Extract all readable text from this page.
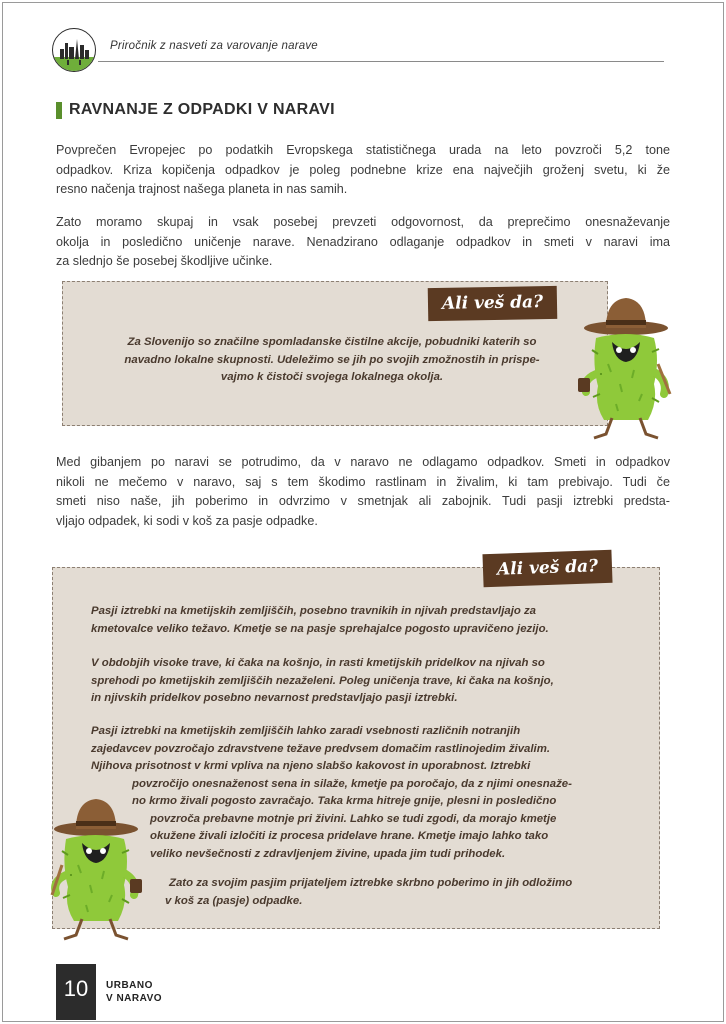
Priročnik z nasveti za varovanje narave
RAVNANJE Z ODPADKI V NARAVI
Povprečen Evropejec po podatkih Evropskega statističnega urada na leto povzroči 5,2 tone
odpadkov. Kriza kopičenja odpadkov je poleg podnebne krize ena največjih groženj svetu, ki že
resno načenja trajnost našega planeta in nas samih.
Zato moramo skupaj in vsak posebej prevzeti odgovornost, da preprečimo onesnaževanje
okolja in posledično uničenje narave. Nenadzirano odlaganje odpadkov in smeti v naravi ima
za slednjo še posebej škodljive učinke.
Ali veš da?
Za Slovenijo so značilne spomladanske čistilne akcije, pobudniki katerih so
navadno lokalne skupnosti. Udeležimo se jih po svojih zmožnostih in prispe-
vajmo k čistoči svojega lokalnega okolja.
Med gibanjem po naravi se potrudimo, da v naravo ne odlagamo odpadkov. Smeti in odpadkov
nikoli ne mečemo v naravo, saj s tem škodimo rastlinam in živalim, ki tam prebivajo. Tudi če
smeti niso naše, jih poberimo in odvrzimo v smetnjak ali zabojnik. Tudi pasji iztrebki predsta-
vljajo odpadek, ki sodi v koš za pasje odpadke.
Ali veš da?
Pasji iztrebki na kmetijskih zemljiščih, posebno travnikih in njivah predstavljajo za
kmetovalce veliko težavo. Kmetje se na pasje sprehajalce pogosto upravičeno jezijo.
V obdobjih visoke trave, ki čaka na košnjo, in rasti kmetijskih pridelkov na njivah so
sprehodi po kmetijskih zemljiščih nezaželeni. Poleg uničenja trave, ki čaka na košnjo,
in njivskih pridelkov posebno nevarnost predstavljajo pasji iztrebki.
Pasji iztrebki na kmetijskih zemljiščih lahko zaradi vsebnosti različnih notranjih
zajedavcev povzročajo zdravstvene težave predvsem domačim rastlinojedim živalim.
Njihova prisotnost v krmi vpliva na njeno slabšo kakovost in uporabnost. Iztrebki
povzročijo onesnaženost sena in silaže, kmetje pa poročajo, da z njimi onesnaže-
no krmo živali pogosto zavračajo. Taka krma hitreje gnije, plesni in posledično
povzroča prebavne motnje pri živini. Lahko se tudi zgodi, da morajo kmetje
okužene živali izločiti iz procesa pridelave hrane. Kmetje imajo lahko tako
veliko nevšečnosti z zdravljenjem živine, upada jim tudi prihodek.
Zato za svojim pasjim prijateljem iztrebke skrbno poberimo in jih odložimo
v koš za (pasje) odpadke.
10	URBANO
V NARAVO
